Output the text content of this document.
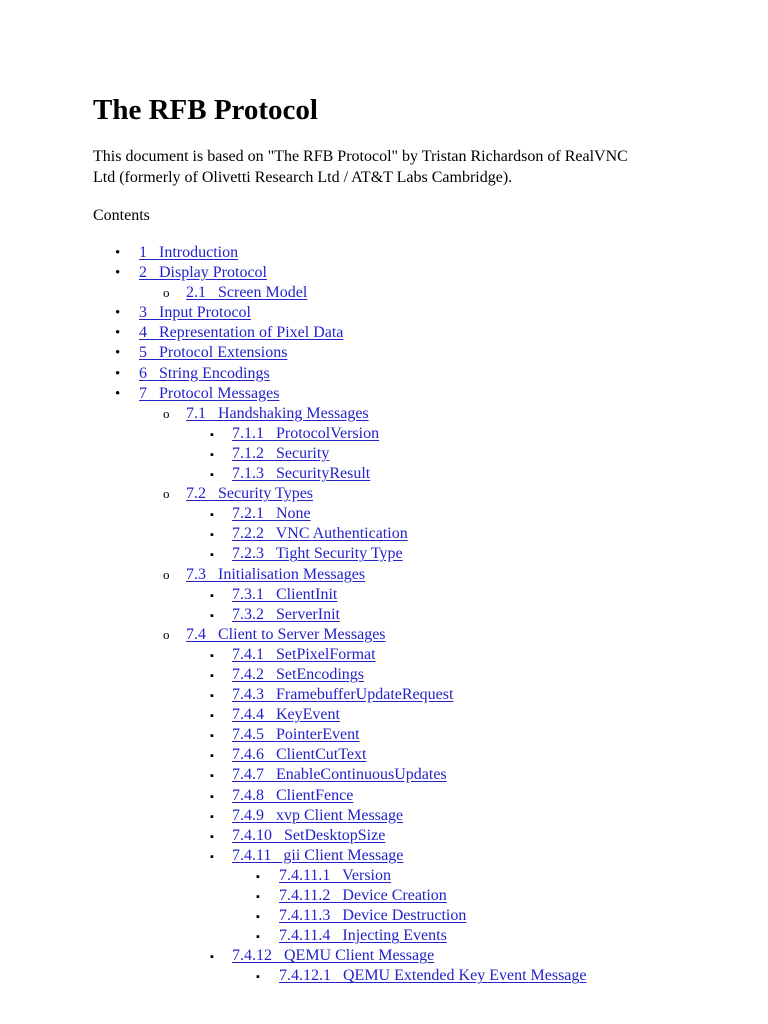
The RFB Protocol

This document is based on "The RFB Protocol" by Tristan Richardson of RealVNC Ltd (formerly of Olivetti Research Ltd / AT&T Labs Cambridge).

Contents

•
1   Introduction
•
2   Display Protocol
o
2.1   Screen Model
•
3   Input Protocol
•
4   Representation of Pixel Data
•
5   Protocol Extensions
•
6   String Encodings
•
7   Protocol Messages
o
7.1   Handshaking Messages
▪
7.1.1   ProtocolVersion
▪
7.1.2   Security
▪
7.1.3   SecurityResult
o
7.2   Security Types
▪
7.2.1   None
▪
7.2.2   VNC Authentication
▪
7.2.3   Tight Security Type
o
7.3   Initialisation Messages
▪
7.3.1   ClientInit
▪
7.3.2   ServerInit
o
7.4   Client to Server Messages
▪
7.4.1   SetPixelFormat
▪
7.4.2   SetEncodings
▪
7.4.3   FramebufferUpdateRequest
▪
7.4.4   KeyEvent
▪
7.4.5   PointerEvent
▪
7.4.6   ClientCutText
▪
7.4.7   EnableContinuousUpdates
▪
7.4.8   ClientFence
▪
7.4.9   xvp Client Message
▪
7.4.10   SetDesktopSize
▪
7.4.11   gii Client Message
▪
7.4.11.1   Version
▪
7.4.11.2   Device Creation
▪
7.4.11.3   Device Destruction
▪
7.4.11.4   Injecting Events
▪
7.4.12   QEMU Client Message
▪
7.4.12.1   QEMU Extended Key Event Message
